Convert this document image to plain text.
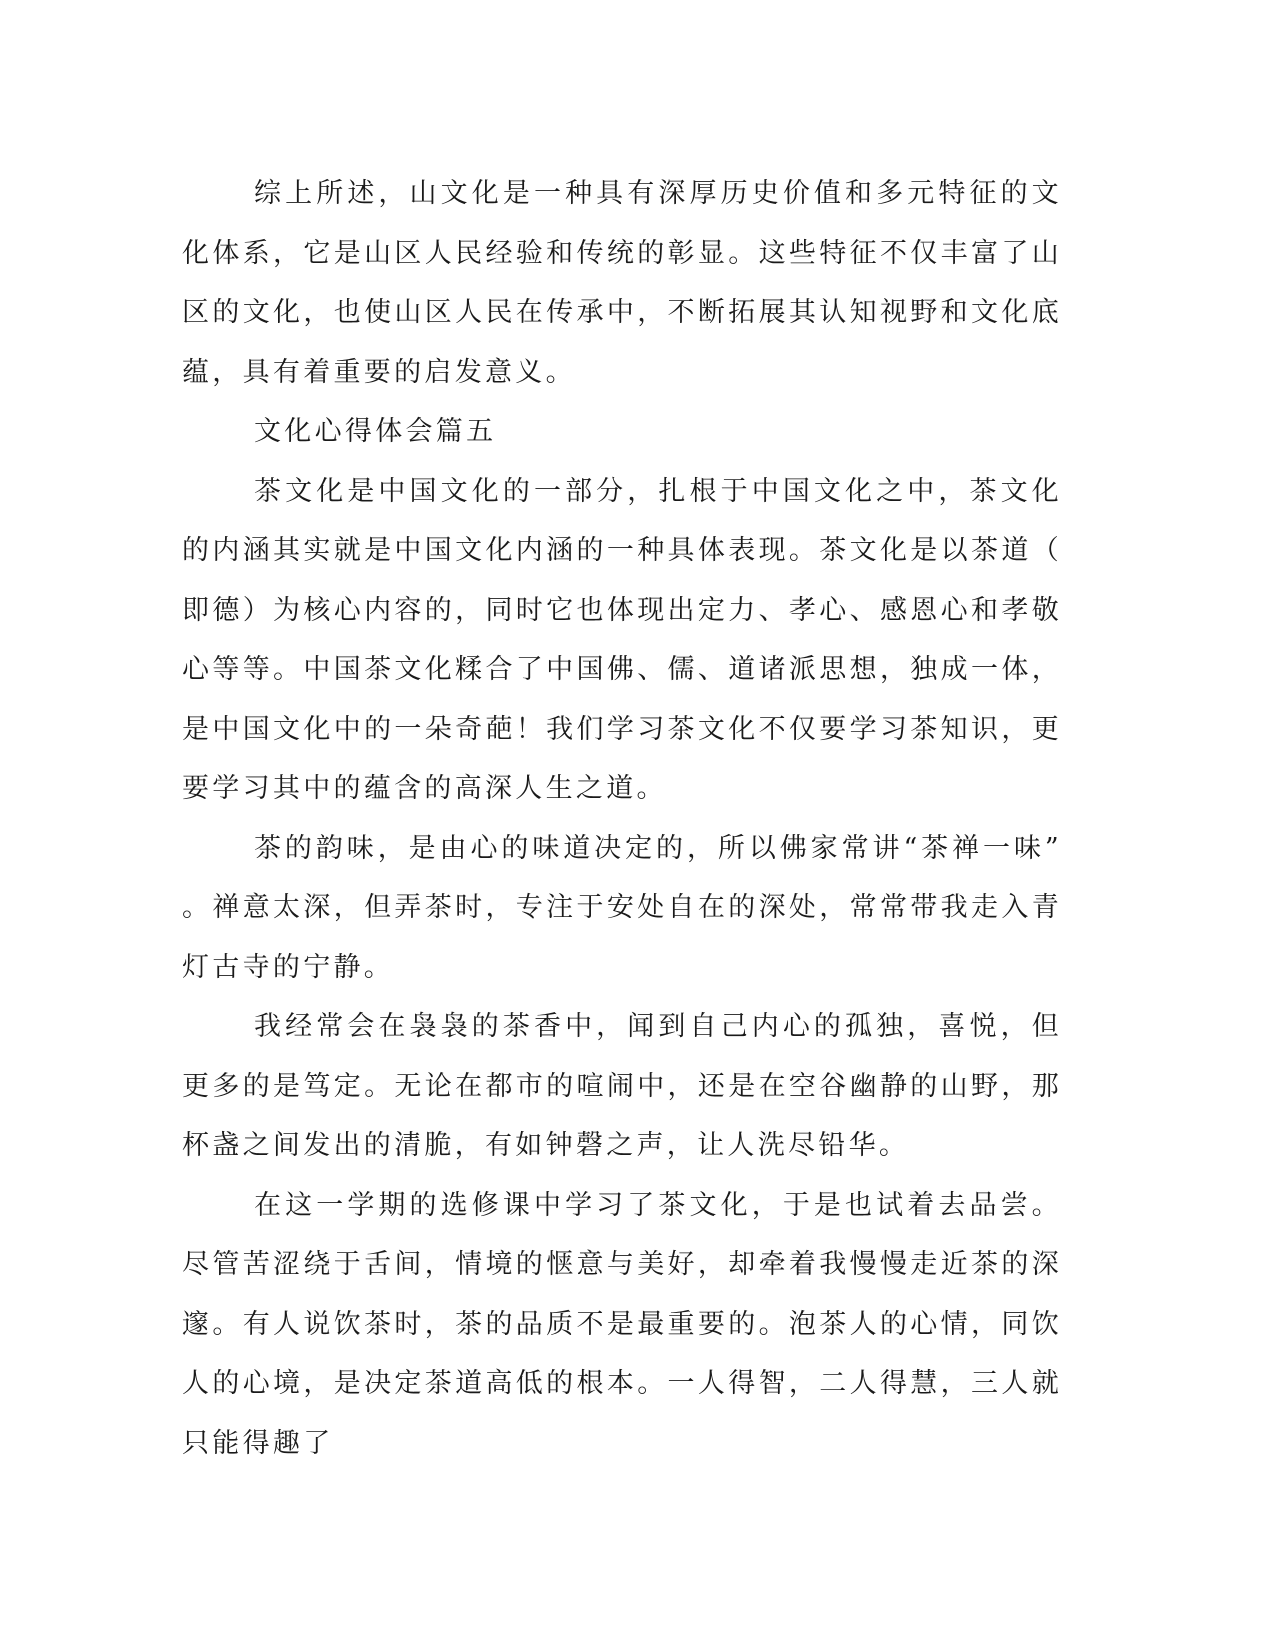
综上所述，山文化是一种具有深厚历史价值和多元特征的文化体系，它是山区人民经验和传统的彰显。这些特征不仅丰富了山区的文化，也使山区人民在传承中，不断拓展其认知视野和文化底蕴，具有着重要的启发意义。

文化心得体会篇五

茶文化是中国文化的一部分，扎根于中国文化之中，茶文化的内涵其实就是中国文化内涵的一种具体表现。茶文化是以茶道（即德）为核心内容的，同时它也体现出定力、孝心、感恩心和孝敬心等等。中国茶文化糅合了中国佛、儒、道诸派思想，独成一体，是中国文化中的一朵奇葩！我们学习茶文化不仅要学习茶知识，更要学习其中的蕴含的高深人生之道。

茶的韵味，是由心的味道决定的，所以佛家常讲“茶禅一味”。禅意太深，但弄茶时，专注于安处自在的深处，常常带我走入青灯古寺的宁静。

我经常会在袅袅的茶香中，闻到自己内心的孤独，喜悦，但更多的是笃定。无论在都市的喧闹中，还是在空谷幽静的山野，那杯盏之间发出的清脆，有如钟磬之声，让人洗尽铅华。

在这一学期的选修课中学习了茶文化，于是也试着去品尝。尽管苦涩绕于舌间，情境的惬意与美好，却牵着我慢慢走近茶的深邃。有人说饮茶时，茶的品质不是最重要的。泡茶人的心情，同饮人的心境，是决定茶道高低的根本。一人得智，二人得慧，三人就只能得趣了
